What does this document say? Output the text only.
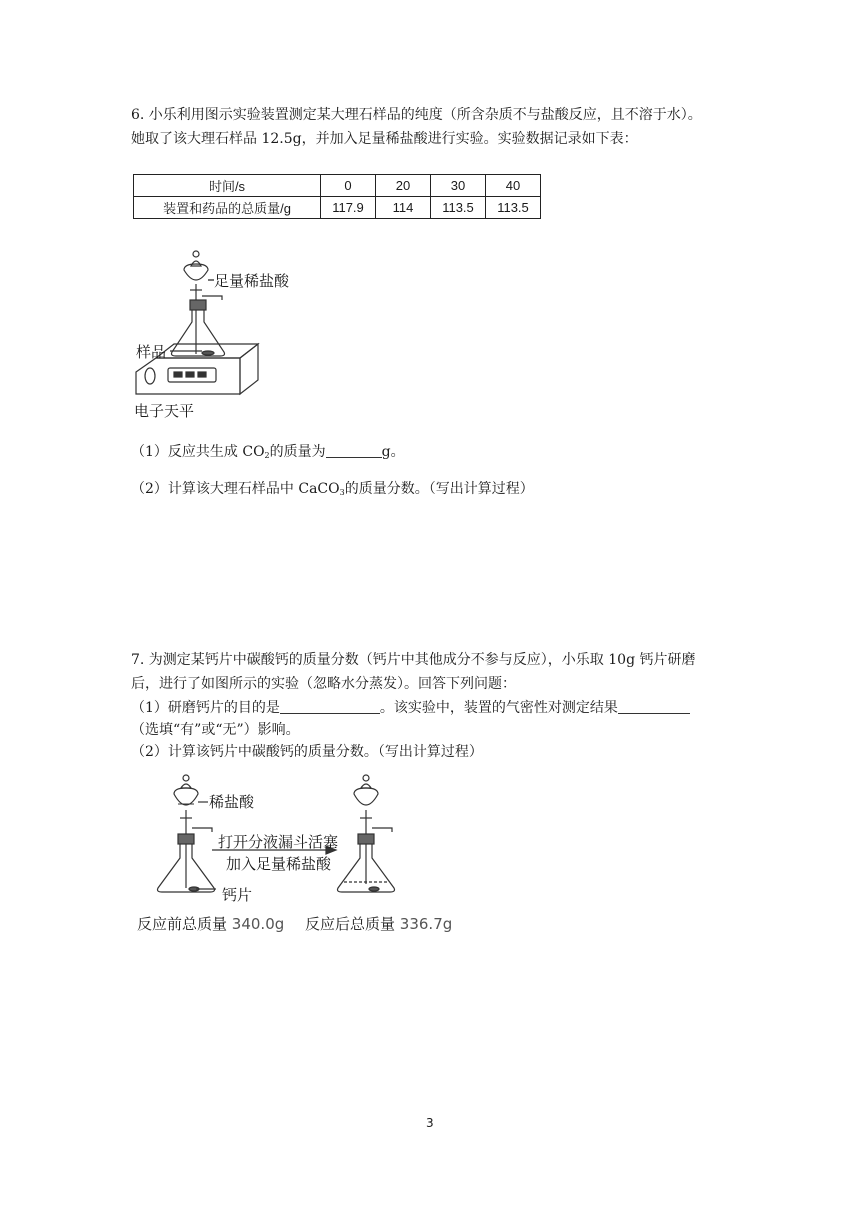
6. 小乐利用图示实验装置测定某大理石样品的纯度（所含杂质不与盐酸反应，且不溶于水）。
她取了该大理石样品 12.5g，并加入足量稀盐酸进行实验。实验数据记录如下表：
时间/s	0	20	30	40
装置和药品的总质量/g	117.9	114	113.5	113.5
足量稀盐酸
样品
电子天平
（1）反应共生成 $CO_2$的质量为	g。
（2）计算该大理石样品中 CaCO$_3$的质量分数。（写出计算过程）
7. 为测定某钙片中碳酸钙的质量分数（钙片中其他成分不参与反应），小乐取 10g 钙片研磨
后，进行了如图所示的实验（忽略水分蒸发）。回答下列问题：
（1）研磨钙片的目的是	。该实验中，装置的气密性对测定结果
（选填“有”或“无”）影响。
（2）计算该钙片中碳酸钙的质量分数。（写出计算过程）
稀盐酸
打开分液漏斗活塞
加入足量稀盐酸
钙片
反应前总质量 340.0g 反应后总质量 336.7g
3
